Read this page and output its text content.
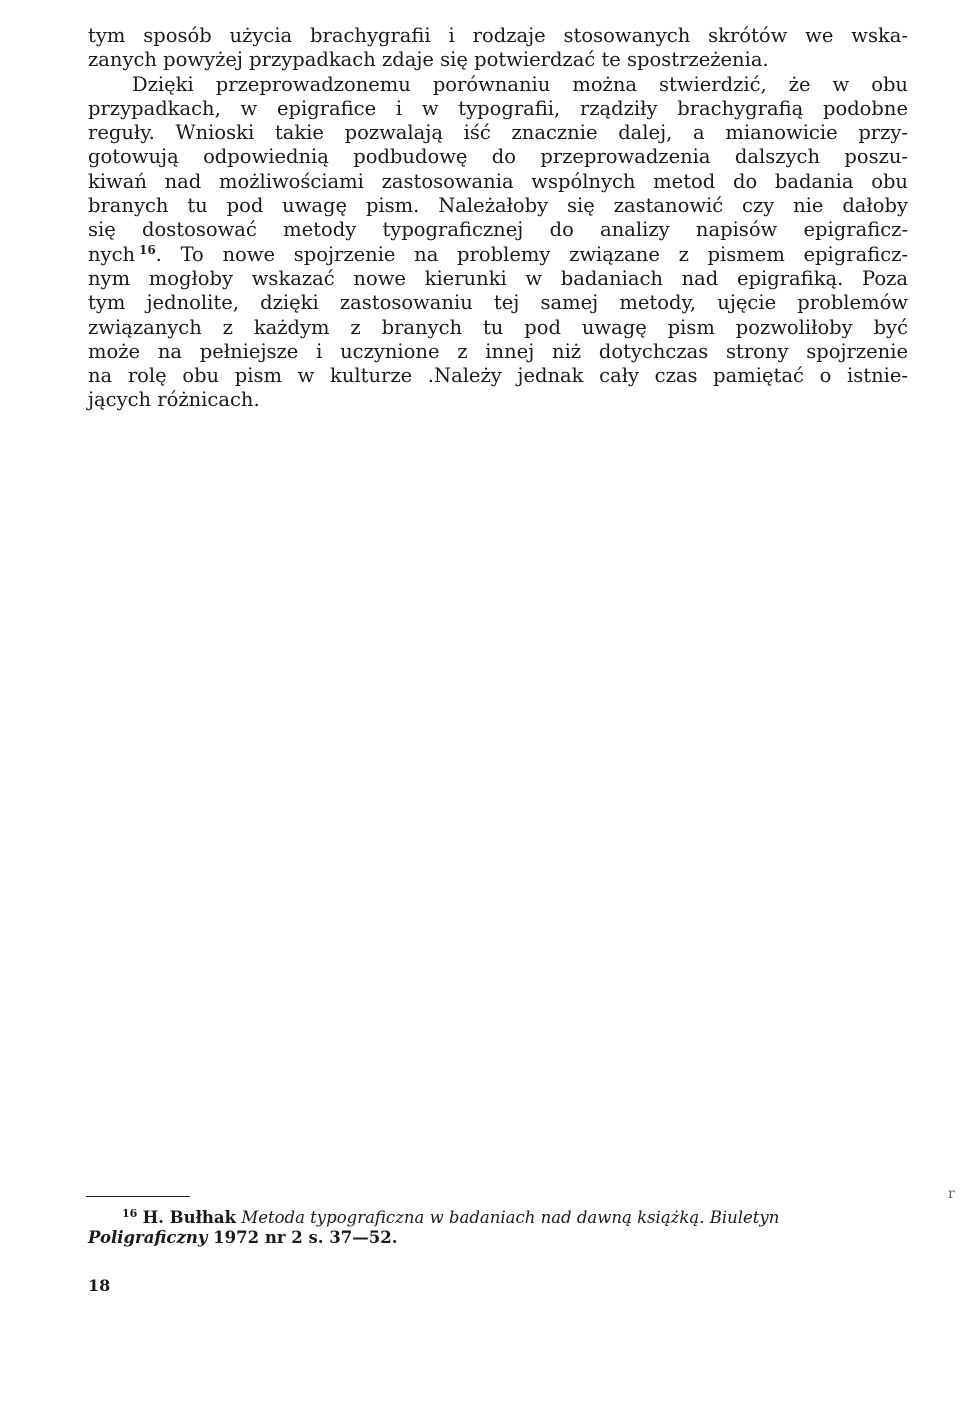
tym sposób użycia brachygrafii i rodzaje stosowanych skrótów we wska-
zanych powyżej przypadkach zdaje się potwierdzać te spostrzeżenia.
Dzięki przeprowadzonemu porównaniu można stwierdzić, że w obu
przypadkach, w epigrafice i w typografii, rządziły brachygrafią podobne
reguły. Wnioski takie pozwalają iść znacznie dalej, a mianowicie przy-
gotowują odpowiednią podbudowę do przeprowadzenia dalszych poszu-
kiwań nad możliwościami zastosowania wspólnych metod do badania obu
branych tu pod uwagę pism. Należałoby się zastanowić czy nie dałoby
się dostosować metody typograficznej do analizy napisów epigraficz-
nych  $^{16}$. To nowe spojrzenie na problemy związane z pismem epigraficz-
nym mogłoby wskazać nowe kierunki w badaniach nad epigrafiką. Poza
tym jednolite, dzięki zastosowaniu tej samej metody, ujęcie problemów
związanych z każdym z branych tu pod uwagę pism pozwoliłoby być
może na pełniejsze i uczynione z innej niż dotychczas strony spojrzenie
na rolę obu pism w kulturze .Należy jednak cały czas pamiętać o istnie-
jących różnicach.
r
$^{16}$ H. Bułhak Metoda typograficzna w badaniach nad dawną książką. Biuletyn
Poligraficzny 1972 nr 2 s. 37—52.
18
